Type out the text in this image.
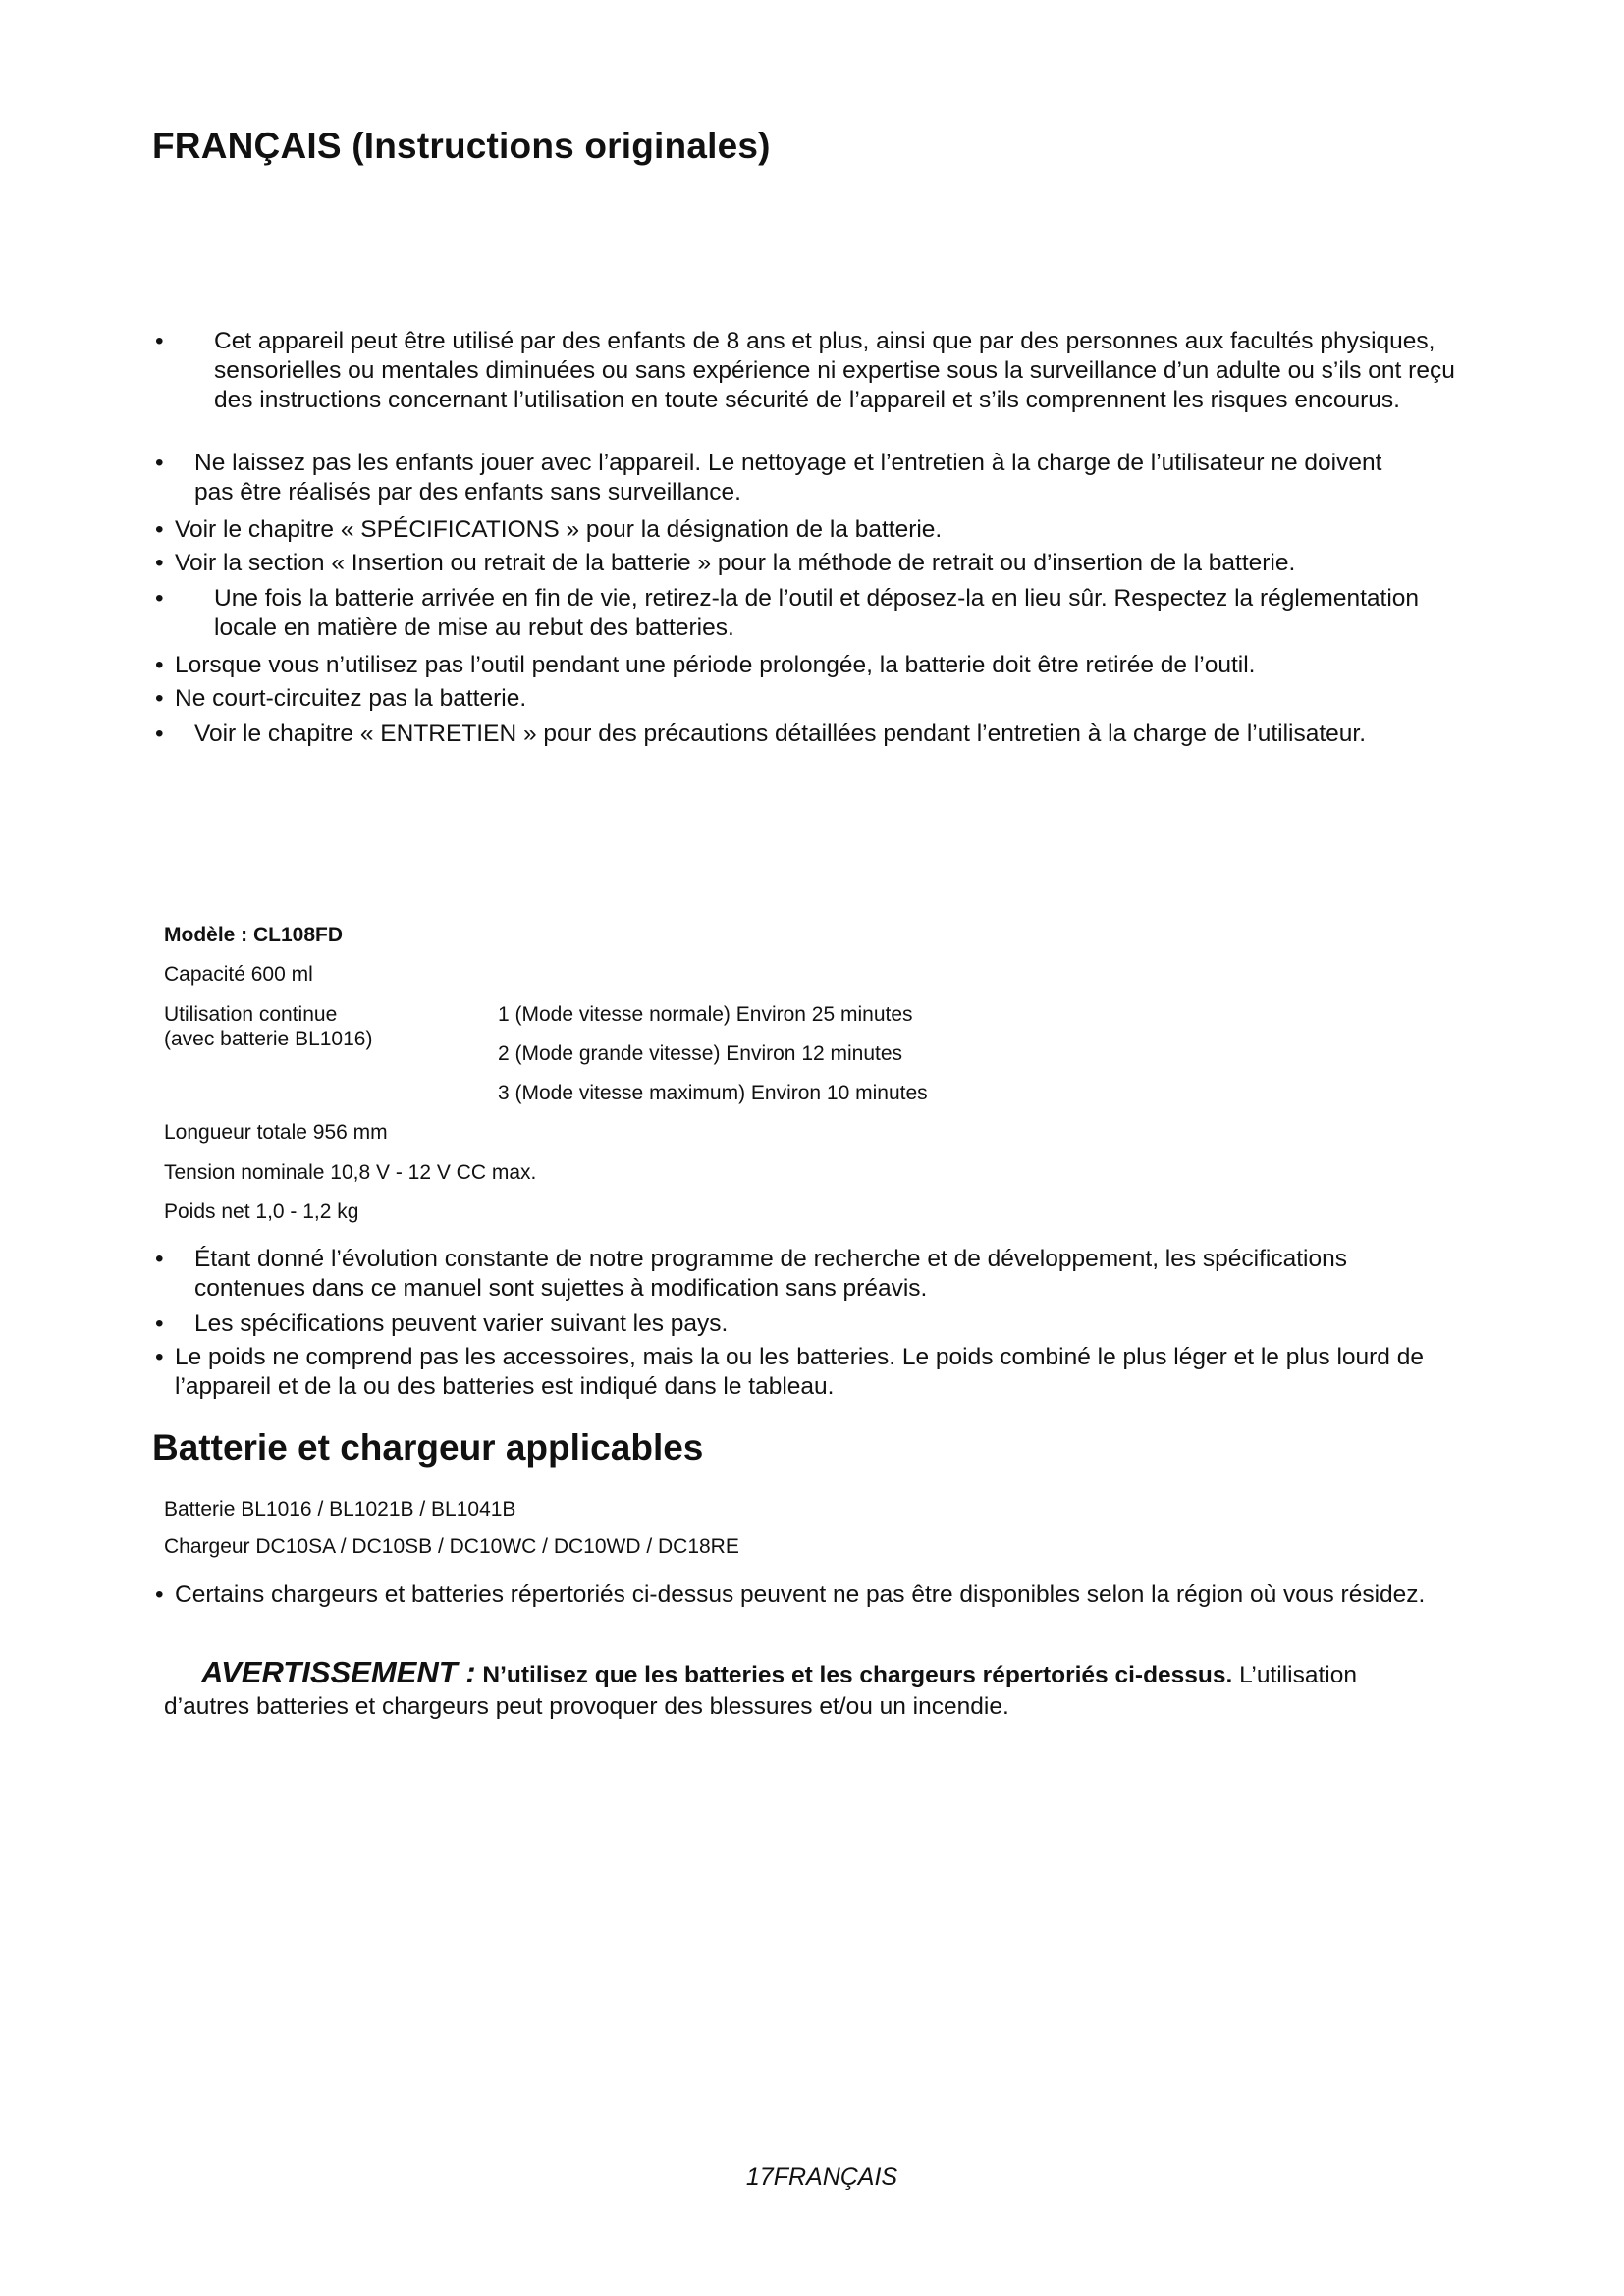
FRANÇAIS (Instructions originales)
• Cet appareil peut être utilisé par des enfants de 8 ans et plus, ainsi que par des personnes aux facultés physiques, sensorielles ou mentales diminuées ou sans expérience ni expertise sous la surveillance d’un adulte ou s’ils ont reçu des instructions concernant l’utilisation en toute sécurité de l’appareil et s’ils comprennent les risques encourus.
• Ne laissez pas les enfants jouer avec l’appareil. Le nettoyage et l’entretien à la charge de l’utilisateur ne doivent pas être réalisés par des enfants sans surveillance.
• Voir le chapitre « SPÉCIFICATIONS » pour la désignation de la batterie.
• Voir la section « Insertion ou retrait de la batterie » pour la méthode de retrait ou d’insertion de la batterie.
• Une fois la batterie arrivée en fin de vie, retirez-la de l’outil et déposez-la en lieu sûr. Respectez la réglementation locale en matière de mise au rebut des batteries.
• Lorsque vous n’utilisez pas l’outil pendant une période prolongée, la batterie doit être retirée de l’outil.
• Ne court-circuitez pas la batterie.
• Voir le chapitre « ENTRETIEN » pour des précautions détaillées pendant l’entretien à la charge de l’utilisateur.
Modèle : CL108FD
Capacité 600 ml
Utilisation continue
(avec batterie BL1016)
1 (Mode vitesse normale) Environ 25 minutes
2 (Mode grande vitesse) Environ 12 minutes
3 (Mode vitesse maximum) Environ 10 minutes
Longueur totale 956 mm
Tension nominale 10,8 V - 12 V CC max.
Poids net 1,0 - 1,2 kg
• Étant donné l’évolution constante de notre programme de recherche et de développement, les spécifications contenues dans ce manuel sont sujettes à modification sans préavis.
• Les spécifications peuvent varier suivant les pays.
• Le poids ne comprend pas les accessoires, mais la ou les batteries. Le poids combiné le plus léger et le plus lourd de l’appareil et de la ou des batteries est indiqué dans le tableau.
Batterie et chargeur applicables
Batterie BL1016 / BL1021B / BL1041B
Chargeur DC10SA / DC10SB / DC10WC / DC10WD / DC18RE
• Certains chargeurs et batteries répertoriés ci-dessus peuvent ne pas être disponibles selon la région où vous résidez.

AVERTISSEMENT : N’utilisez que les batteries et les chargeurs répertoriés ci-dessus. L’utilisation d’autres batteries et chargeurs peut provoquer des blessures et/ou un incendie.

17FRANÇAIS
